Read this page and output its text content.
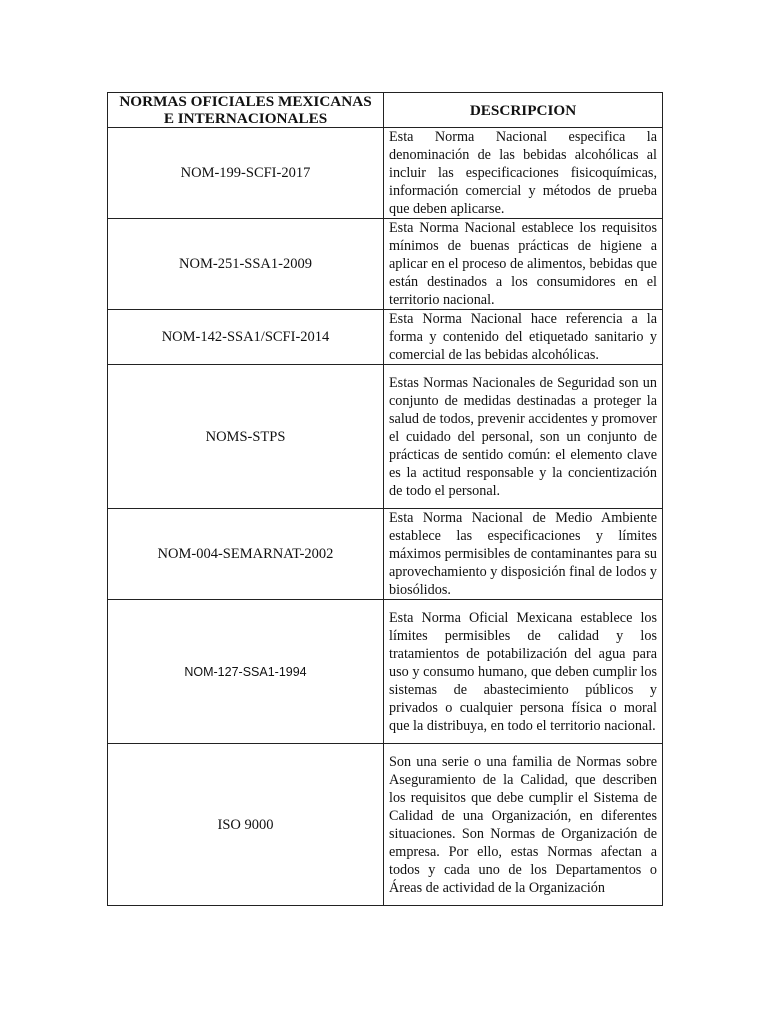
NORMAS OFICIALES MEXICANAS E INTERNACIONALES	DESCRIPCION
NOM-199-SCFI-2017	Esta Norma Nacional especifica la denominación de las bebidas alcohólicas al incluir las especificaciones fisicoquímicas, información comercial y métodos de prueba que deben aplicarse.
NOM-251-SSA1-2009	Esta Norma Nacional establece los requisitos mínimos de buenas prácticas de higiene a aplicar en el proceso de alimentos, bebidas que están destinados a los consumidores en el territorio nacional.
NOM-142-SSA1/SCFI-2014	Esta Norma Nacional hace referencia a la forma y contenido del etiquetado sanitario y comercial de las bebidas alcohólicas.
NOMS-STPS	Estas Normas Nacionales de Seguridad son un conjunto de medidas destinadas a proteger la salud de todos, prevenir accidentes y promover el cuidado del personal, son un conjunto de prácticas de sentido común: el elemento clave es la actitud responsable y la concientización de todo el personal.
NOM-004-SEMARNAT-2002	Esta Norma Nacional de Medio Ambiente establece las especificaciones y límites máximos permisibles de contaminantes para su aprovechamiento y disposición final de lodos y biosólidos.
NOM-127-SSA1-1994	Esta Norma Oficial Mexicana establece los límites permisibles de calidad y los tratamientos de potabilización del agua para uso y consumo humano, que deben cumplir los sistemas de abastecimiento públicos y privados o cualquier persona física o moral que la distribuya, en todo el territorio nacional.
ISO 9000	Son una serie o una familia de Normas sobre Aseguramiento de la Calidad, que describen los requisitos que debe cumplir el Sistema de Calidad de una Organización, en diferentes situaciones. Son Normas de Organización de empresa. Por ello, estas Normas afectan a todos y cada uno de los Departamentos o Áreas de actividad de la Organización
